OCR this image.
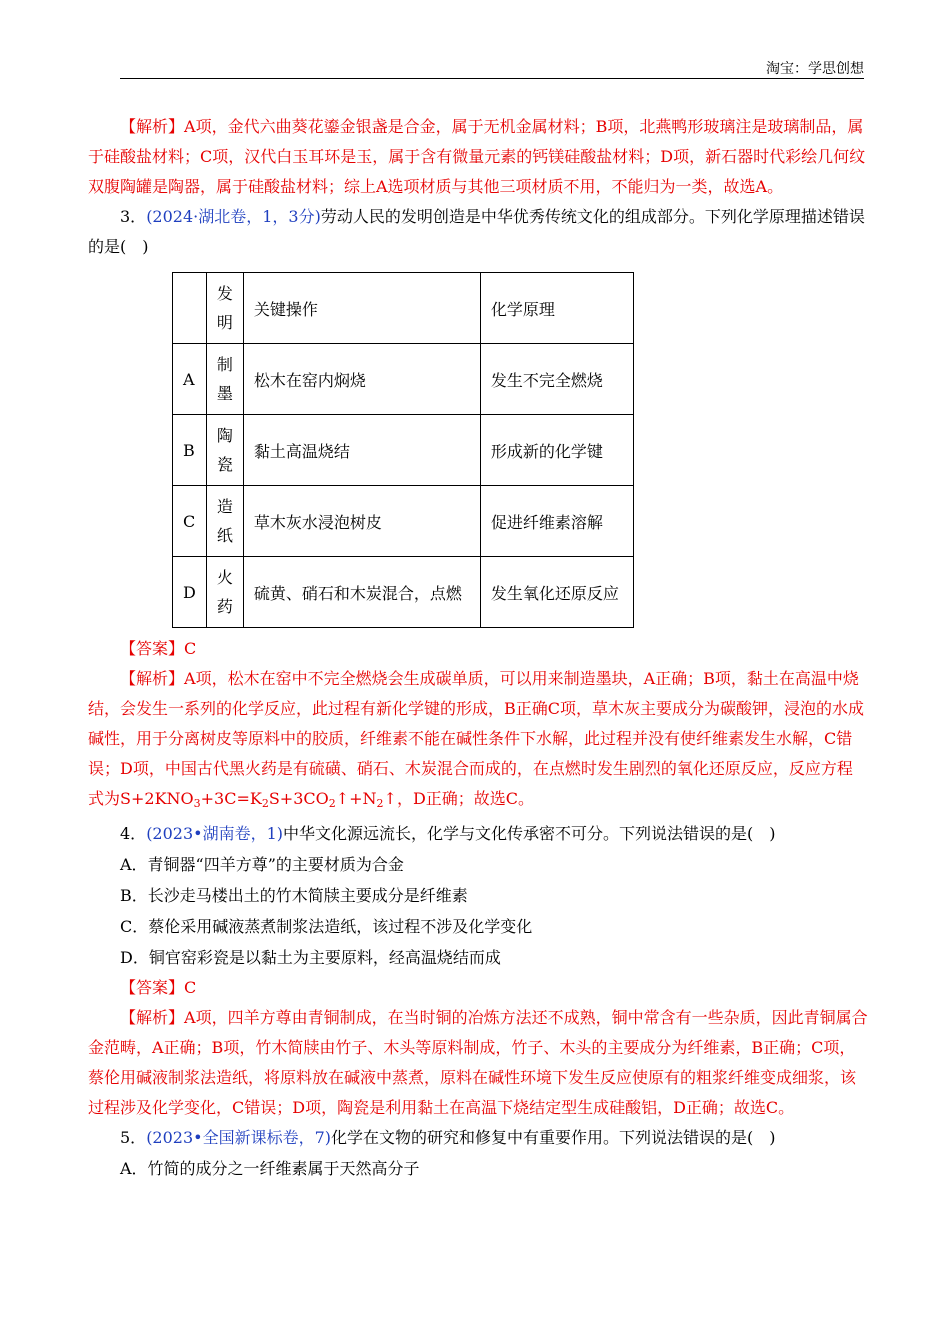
淘宝：学思创想

【解析】A项，金代六曲葵花鎏金银盏是合金，属于无机金属材料；B项，北燕鸭形玻璃注是玻璃制品，属于硅酸盐材料；C项，汉代白玉耳环是玉，属于含有微量元素的钙镁硅酸盐材料；D项，新石器时代彩绘几何纹双腹陶罐是陶器，属于硅酸盐材料；综上A选项材质与其他三项材质不用，不能归为一类，故选A。

3．(2024·湖北卷，1，3分)劳动人民的发明创造是中华优秀传统文化的组成部分。下列化学原理描述错误的是(　)

	发明	关键操作	化学原理
A	制墨	松木在窑内焖烧	发生不完全燃烧
B	陶瓷	黏土高温烧结	形成新的化学键
C	造纸	草木灰水浸泡树皮	促进纤维素溶解
D	火药	硫黄、硝石和木炭混合，点燃	发生氧化还原反应

【答案】C

【解析】A项，松木在窑中不完全燃烧会生成碳单质，可以用来制造墨块，A正确；B项，黏土在高温中烧结，会发生一系列的化学反应，此过程有新化学键的形成，B正确C项，草木灰主要成分为碳酸钾，浸泡的水成碱性，用于分离树皮等原料中的胶质，纤维素不能在碱性条件下水解，此过程并没有使纤维素发生水解，C错误；D项，中国古代黑火药是有硫磺、硝石、木炭混合而成的，在点燃时发生剧烈的氧化还原反应，反应方程式为$S+2KNO_3+3C=K_2S+3CO_2↑+N_2↑$，D正确；故选C。

4．(2023•湖南卷，1)中华文化源远流长，化学与文化传承密不可分。下列说法错误的是(　)

A．青铜器“四羊方尊”的主要材质为合金

B．长沙走马楼出土的竹木简牍主要成分是纤维素

C．蔡伦采用碱液蒸煮制浆法造纸，该过程不涉及化学变化

D．铜官窑彩瓷是以黏土为主要原料，经高温烧结而成

【答案】C

【解析】A项，四羊方尊由青铜制成，在当时铜的冶炼方法还不成熟，铜中常含有一些杂质，因此青铜属合金范畴，A正确；B项，竹木简牍由竹子、木头等原料制成，竹子、木头的主要成分为纤维素，B正确；C项，蔡伦用碱液制浆法造纸，将原料放在碱液中蒸煮，原料在碱性环境下发生反应使原有的粗浆纤维变成细浆，该过程涉及化学变化，C错误；D项，陶瓷是利用黏土在高温下烧结定型生成硅酸铝，D正确；故选C。

5．(2023•全国新课标卷，7)化学在文物的研究和修复中有重要作用。下列说法错误的是(　)

A．竹简的成分之一纤维素属于天然高分子
